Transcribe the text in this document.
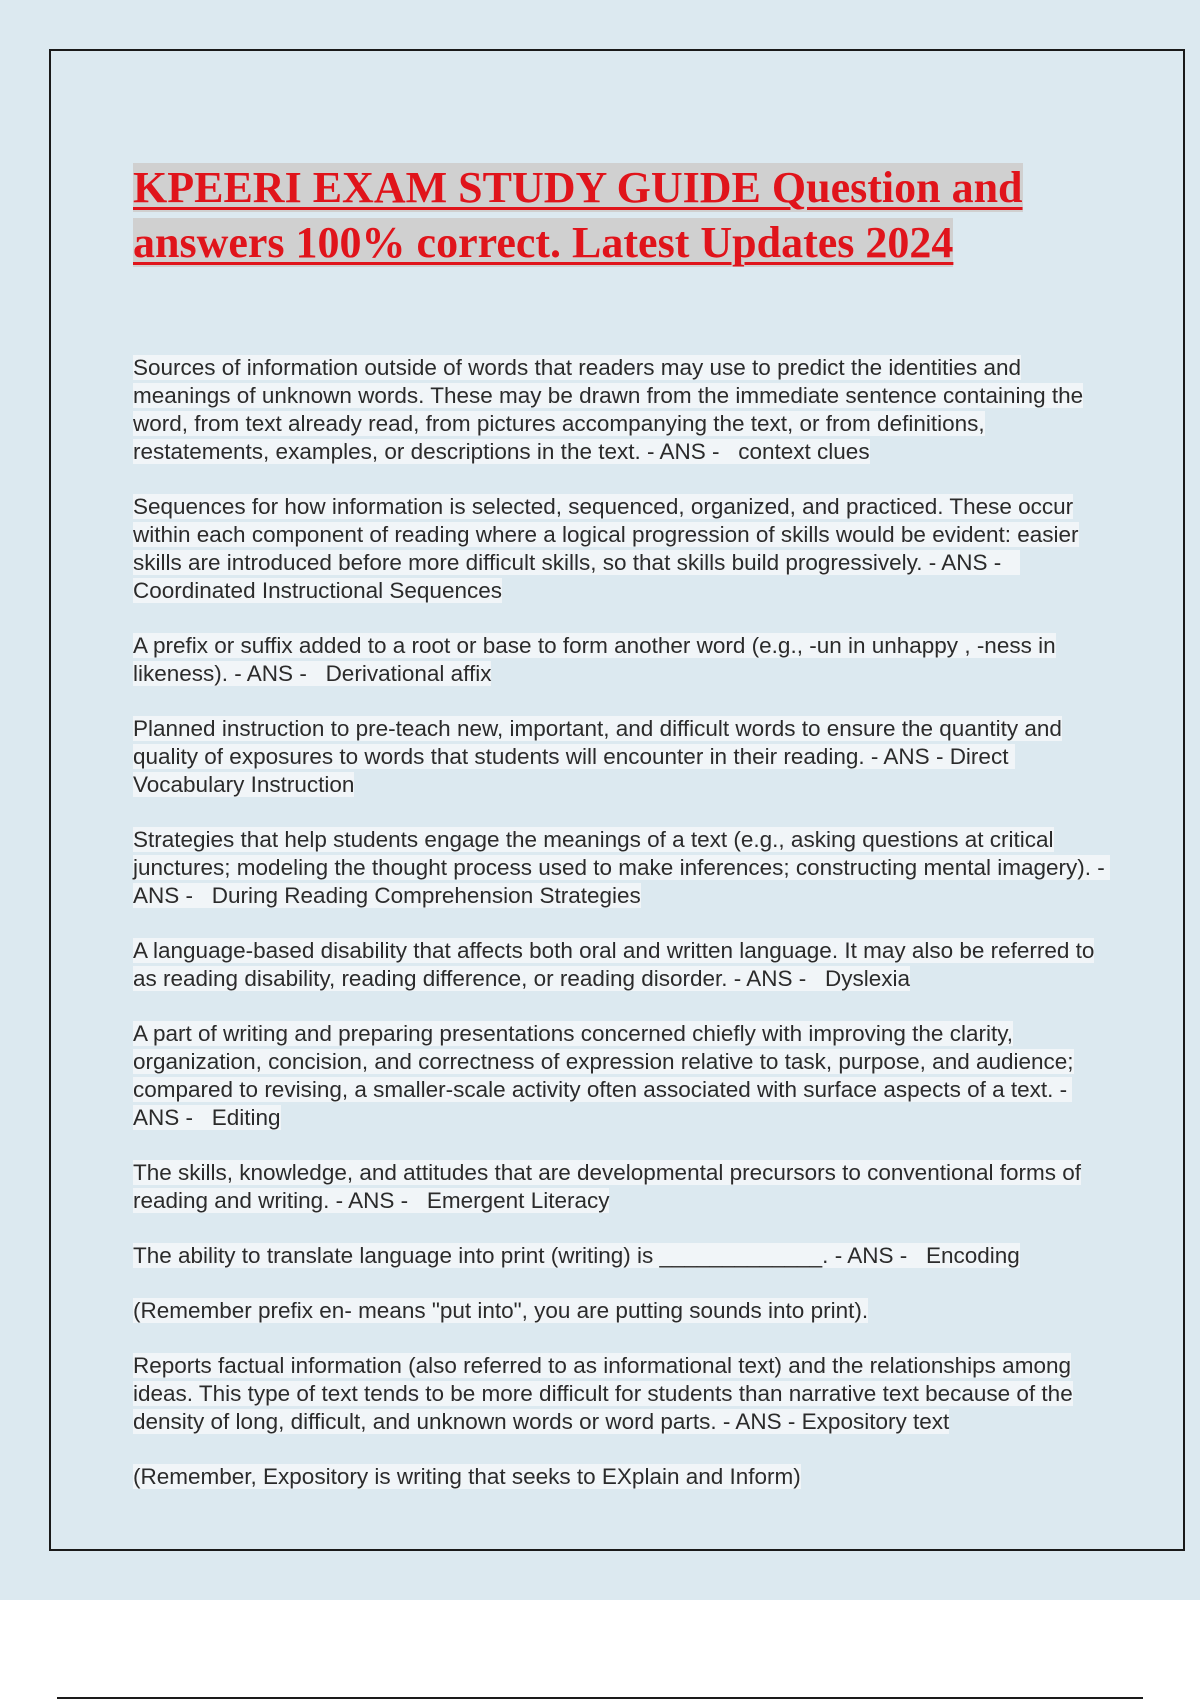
KPEERI EXAM STUDY GUIDE Question and answers 100% correct. Latest Updates 2024

Sources of information outside of words that readers may use to predict the identities and meanings of unknown words. These may be drawn from the immediate sentence containing the word, from text already read, from pictures accompanying the text, or from definitions, restatements, examples, or descriptions in the text. - ANS -   context clues

Sequences for how information is selected, sequenced, organized, and practiced. These occur within each component of reading where a logical progression of skills would be evident: easier skills are introduced before more difficult skills, so that skills build progressively. - ANS -   Coordinated Instructional Sequences

A prefix or suffix added to a root or base to form another word (e.g., -un in unhappy , -ness in likeness). - ANS -   Derivational affix

Planned instruction to pre-teach new, important, and difficult words to ensure the quantity and quality of exposures to words that students will encounter in their reading. - ANS - Direct Vocabulary Instruction

Strategies that help students engage the meanings of a text (e.g., asking questions at critical junctures; modeling the thought process used to make inferences; constructing mental imagery). - ANS -   During Reading Comprehension Strategies

A language-based disability that affects both oral and written language. It may also be referred to as reading disability, reading difference, or reading disorder. - ANS -   Dyslexia

A part of writing and preparing presentations concerned chiefly with improving the clarity, organization, concision, and correctness of expression relative to task, purpose, and audience; compared to revising, a smaller-scale activity often associated with surface aspects of a text. - ANS -   Editing

The skills, knowledge, and attitudes that are developmental precursors to conventional forms of reading and writing. - ANS -   Emergent Literacy

The ability to translate language into print (writing) is _____________. - ANS -   Encoding

(Remember prefix en- means "put into", you are putting sounds into print).

Reports factual information (also referred to as informational text) and the relationships among ideas. This type of text tends to be more difficult for students than narrative text because of the density of long, difficult, and unknown words or word parts. - ANS - Expository text

(Remember, Expository is writing that seeks to EXplain and Inform)
